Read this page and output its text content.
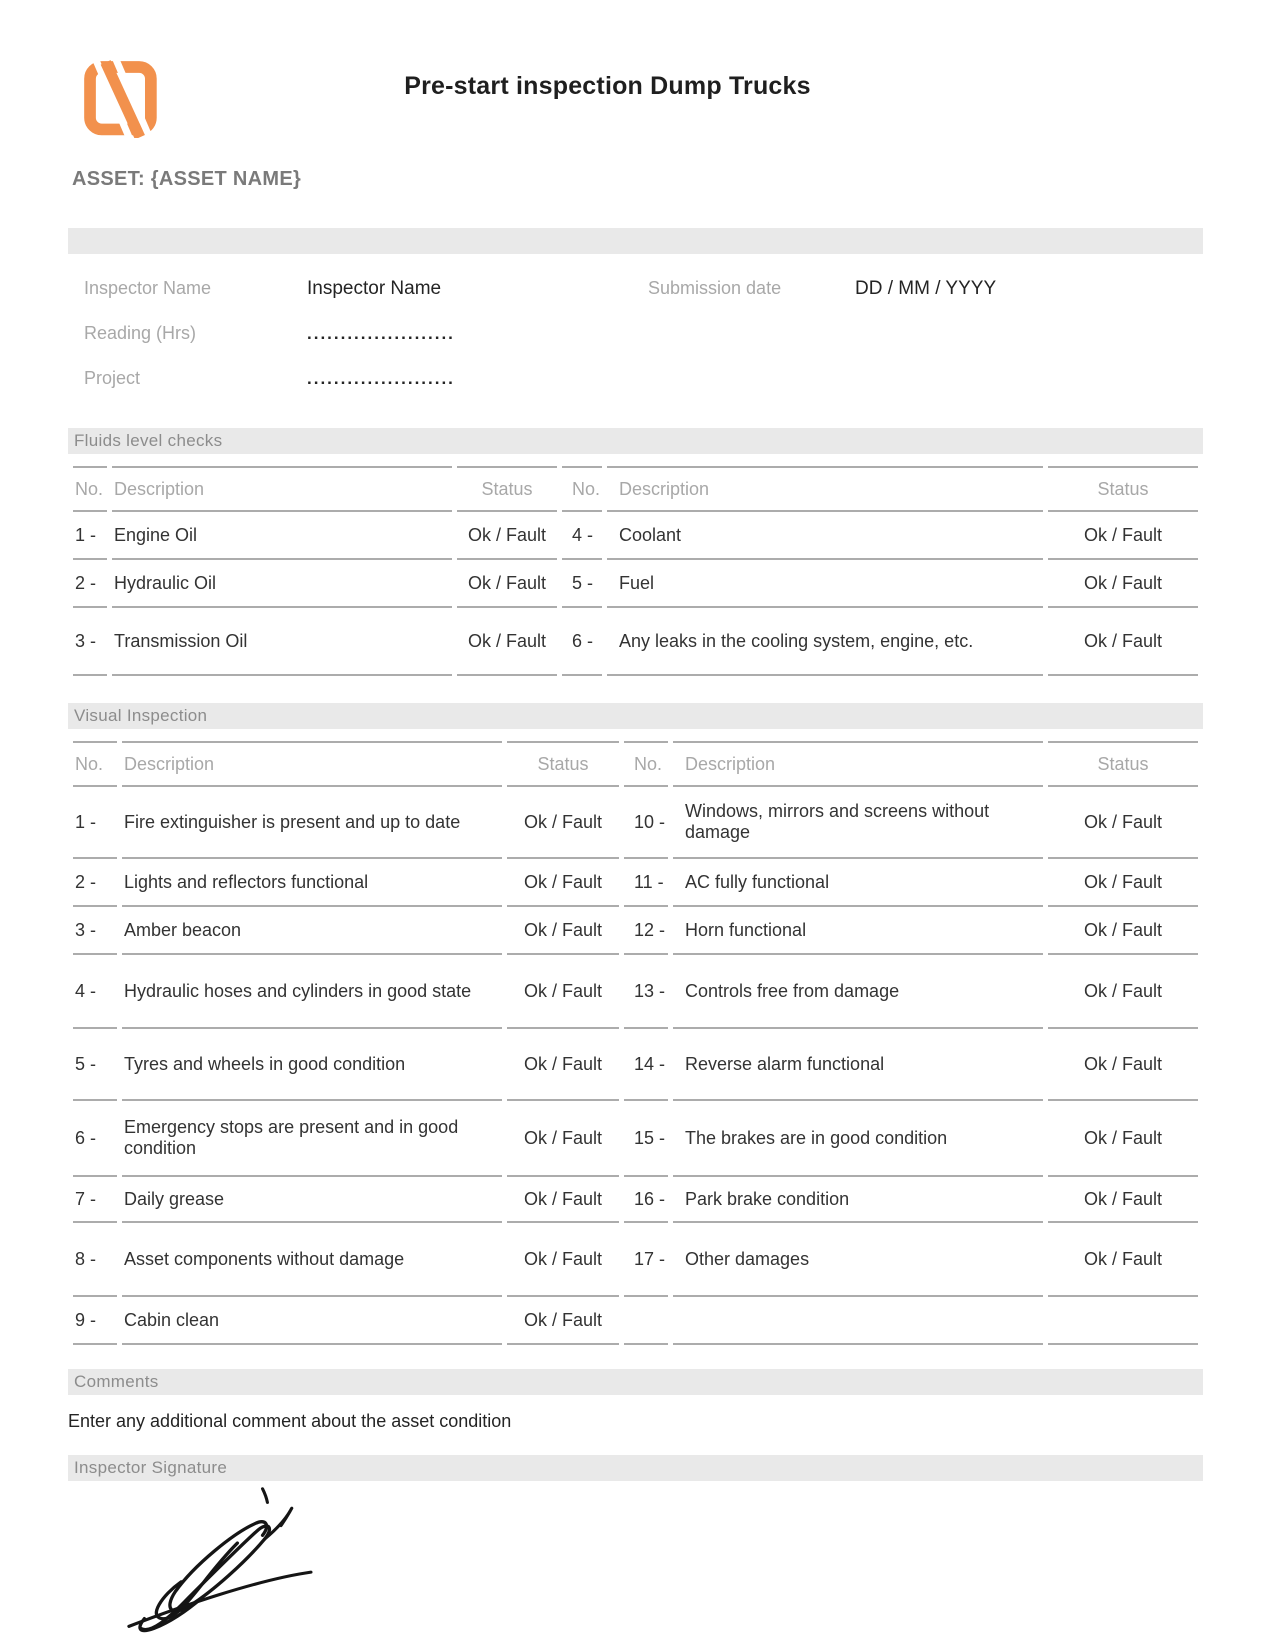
Pre-start inspection Dump Trucks
ASSET: {ASSET NAME}
Inspector Name	Inspector Name	Submission date	DD / MM / YYYY
Reading (Hrs)	......................
Project	......................
Fluids level checks
No.	Description	Status	No.	Description	Status
1 -	Engine Oil	Ok / Fault	4 -	Coolant	Ok / Fault
2 -	Hydraulic Oil	Ok / Fault	5 -	Fuel	Ok / Fault
3 -	Transmission Oil	Ok / Fault	6 -	Any leaks in the cooling system, engine, etc.	Ok / Fault
Visual Inspection
No.	Description	Status	No.	Description	Status
1 -	Fire extinguisher is present and up to date	Ok / Fault	10 -	Windows, mirrors and screens without damage	Ok / Fault
2 -	Lights and reflectors functional	Ok / Fault	11 -	AC fully functional	Ok / Fault
3 -	Amber beacon	Ok / Fault	12 -	Horn functional	Ok / Fault
4 -	Hydraulic hoses and cylinders in good state	Ok / Fault	13 -	Controls free from damage	Ok / Fault
5 -	Tyres and wheels in good condition	Ok / Fault	14 -	Reverse alarm functional	Ok / Fault
6 -	Emergency stops are present and in good condition	Ok / Fault	15 -	The brakes are in good condition	Ok / Fault
7 -	Daily grease	Ok / Fault	16 -	Park brake condition	Ok / Fault
8 -	Asset components without damage	Ok / Fault	17 -	Other damages	Ok / Fault
9 -	Cabin clean	Ok / Fault			
Comments
Enter any additional comment about the asset condition
Inspector Signature
